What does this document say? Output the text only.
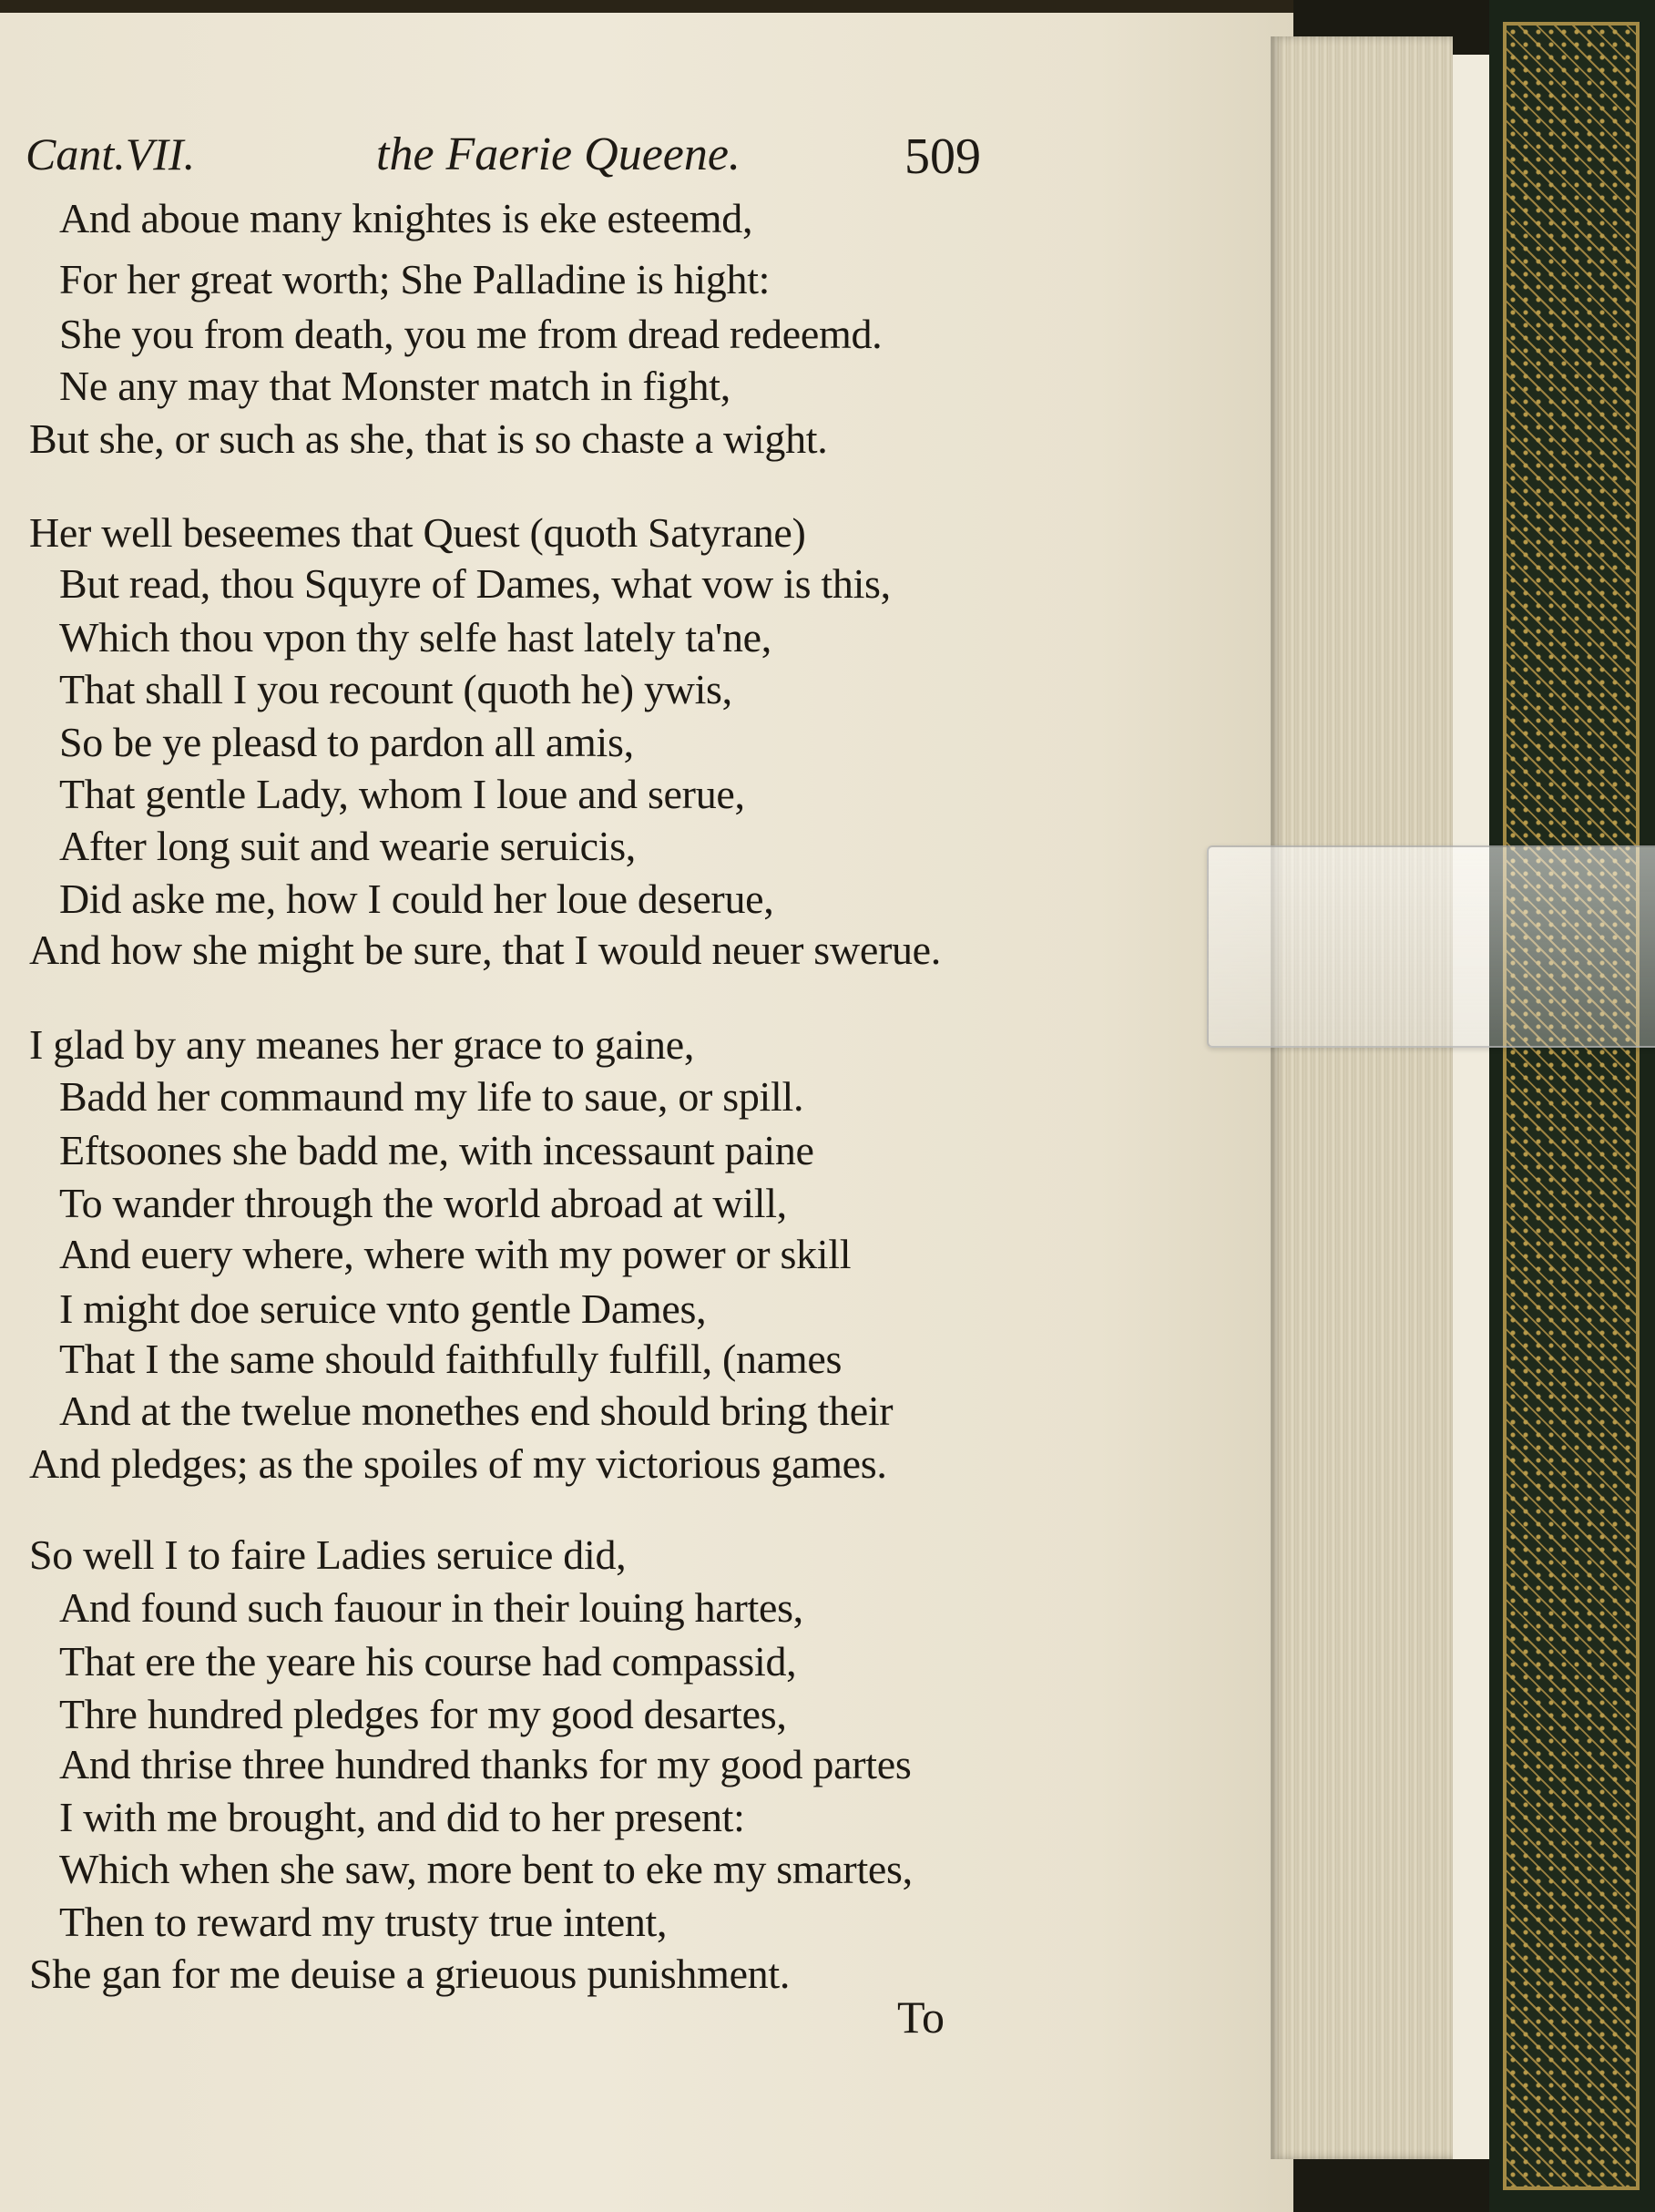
Cant.VII.	the Faerie Queene.	509
And aboue many knightes is eke esteemd,
For her great worth; She Palladine is hight:
She you from death, you me from dread redeemd.
Ne any may that Monster match in fight,
But she, or such as she, that is so chaste a wight.
Her well beseemes that Quest (quoth Satyrane)
But read, thou Squyre of Dames, what vow is this,
Which thou vpon thy selfe hast lately ta'ne,
That shall I you recount (quoth he) ywis,
So be ye pleasd to pardon all amis,
That gentle Lady, whom I loue and serue,
After long suit and wearie seruicis,
Did aske me, how I could her loue deserue,
And how she might be sure, that I would neuer swerue.
I glad by any meanes her grace to gaine,
Badd her commaund my life to saue, or spill.
Eftsoones she badd me, with incessaunt paine
To wander through the world abroad at will,
And euery where, where with my power or skill
I might doe seruice vnto gentle Dames,
That I the same should faithfully fulfill, (names
And at the twelue monethes end should bring their
And pledges; as the spoiles of my victorious games.
So well I to faire Ladies seruice did,
And found such fauour in their louing hartes,
That ere the yeare his course had compassid,
Thre hundred pledges for my good desartes,
And thrise three hundred thanks for my good partes
I with me brought, and did to her present:
Which when she saw, more bent to eke my smartes,
Then to reward my trusty true intent,
She gan for me deuise a grieuous punishment.
To
